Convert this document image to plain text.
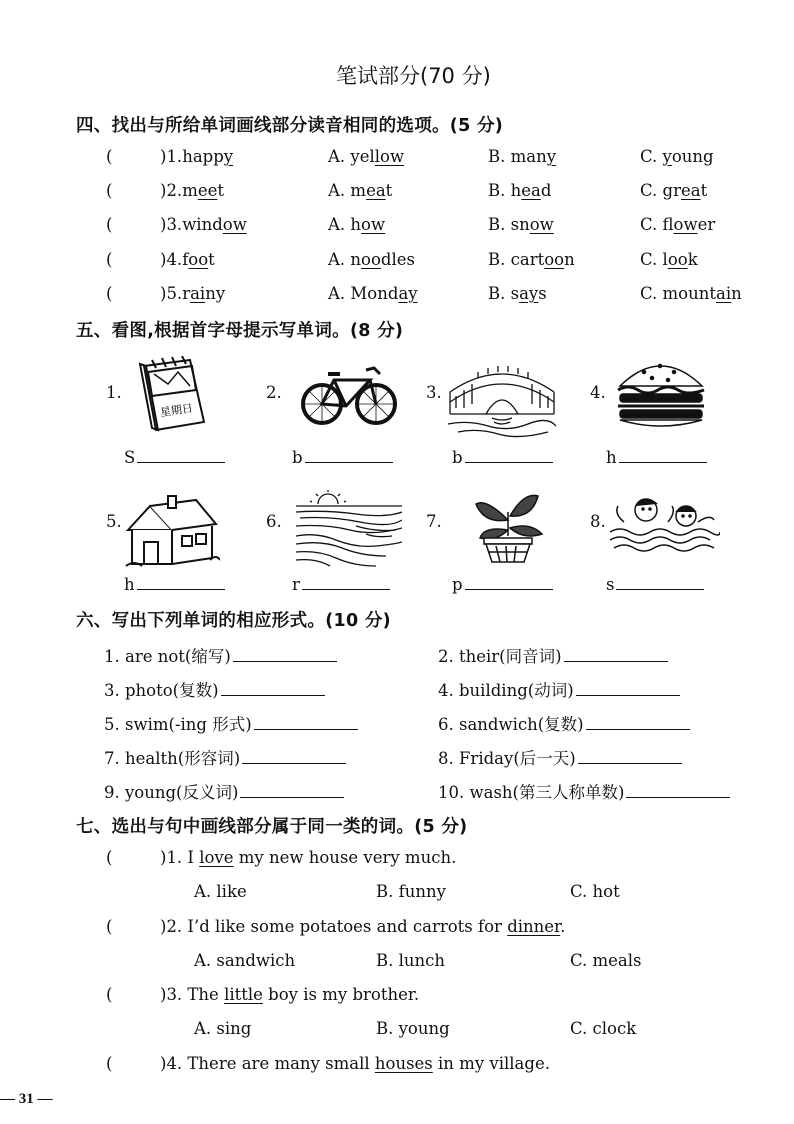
笔试部分(70 分)
四、找出与所给单词画线部分读音相同的选项。(5 分)
(	)1.happy	A. yellow	B. many	C. young
(	)2.meet	A. meat	B. head	C. great
(	)3.window	A. how	B. snow	C. flower
(	)4.foot	A. noodles	B. cartoon	C. look
(	)5.rainy	A. Monday	B. says	C. mountain
五、看图,根据首字母提示写单词。(8 分)
星期日
1.
S
2.
b
3.
b
4.
h
5.
h
6.
r
7.
p
8.
s
六、写出下列单词的相应形式。(10 分)
1. are not(缩写)	2. their(同音词)
3. photo(复数)	4. building(动词)
5. swim(-ing 形式)	6. sandwich(复数)
7. health(形容词)	8. Friday(后一天)
9. young(反义词)	10. wash(第三人称单数)
七、选出与句中画线部分属于同一类的词。(5 分)
(	)1. I love my new house very much.
A. like	B. funny	C. hot
(	)2. I’d like some potatoes and carrots for dinner.
A. sandwich	B. lunch	C. meals
(	)3. The little boy is my brother.
A. sing	B. young	C. clock
(	)4. There are many small houses in my village.
— 31 —
